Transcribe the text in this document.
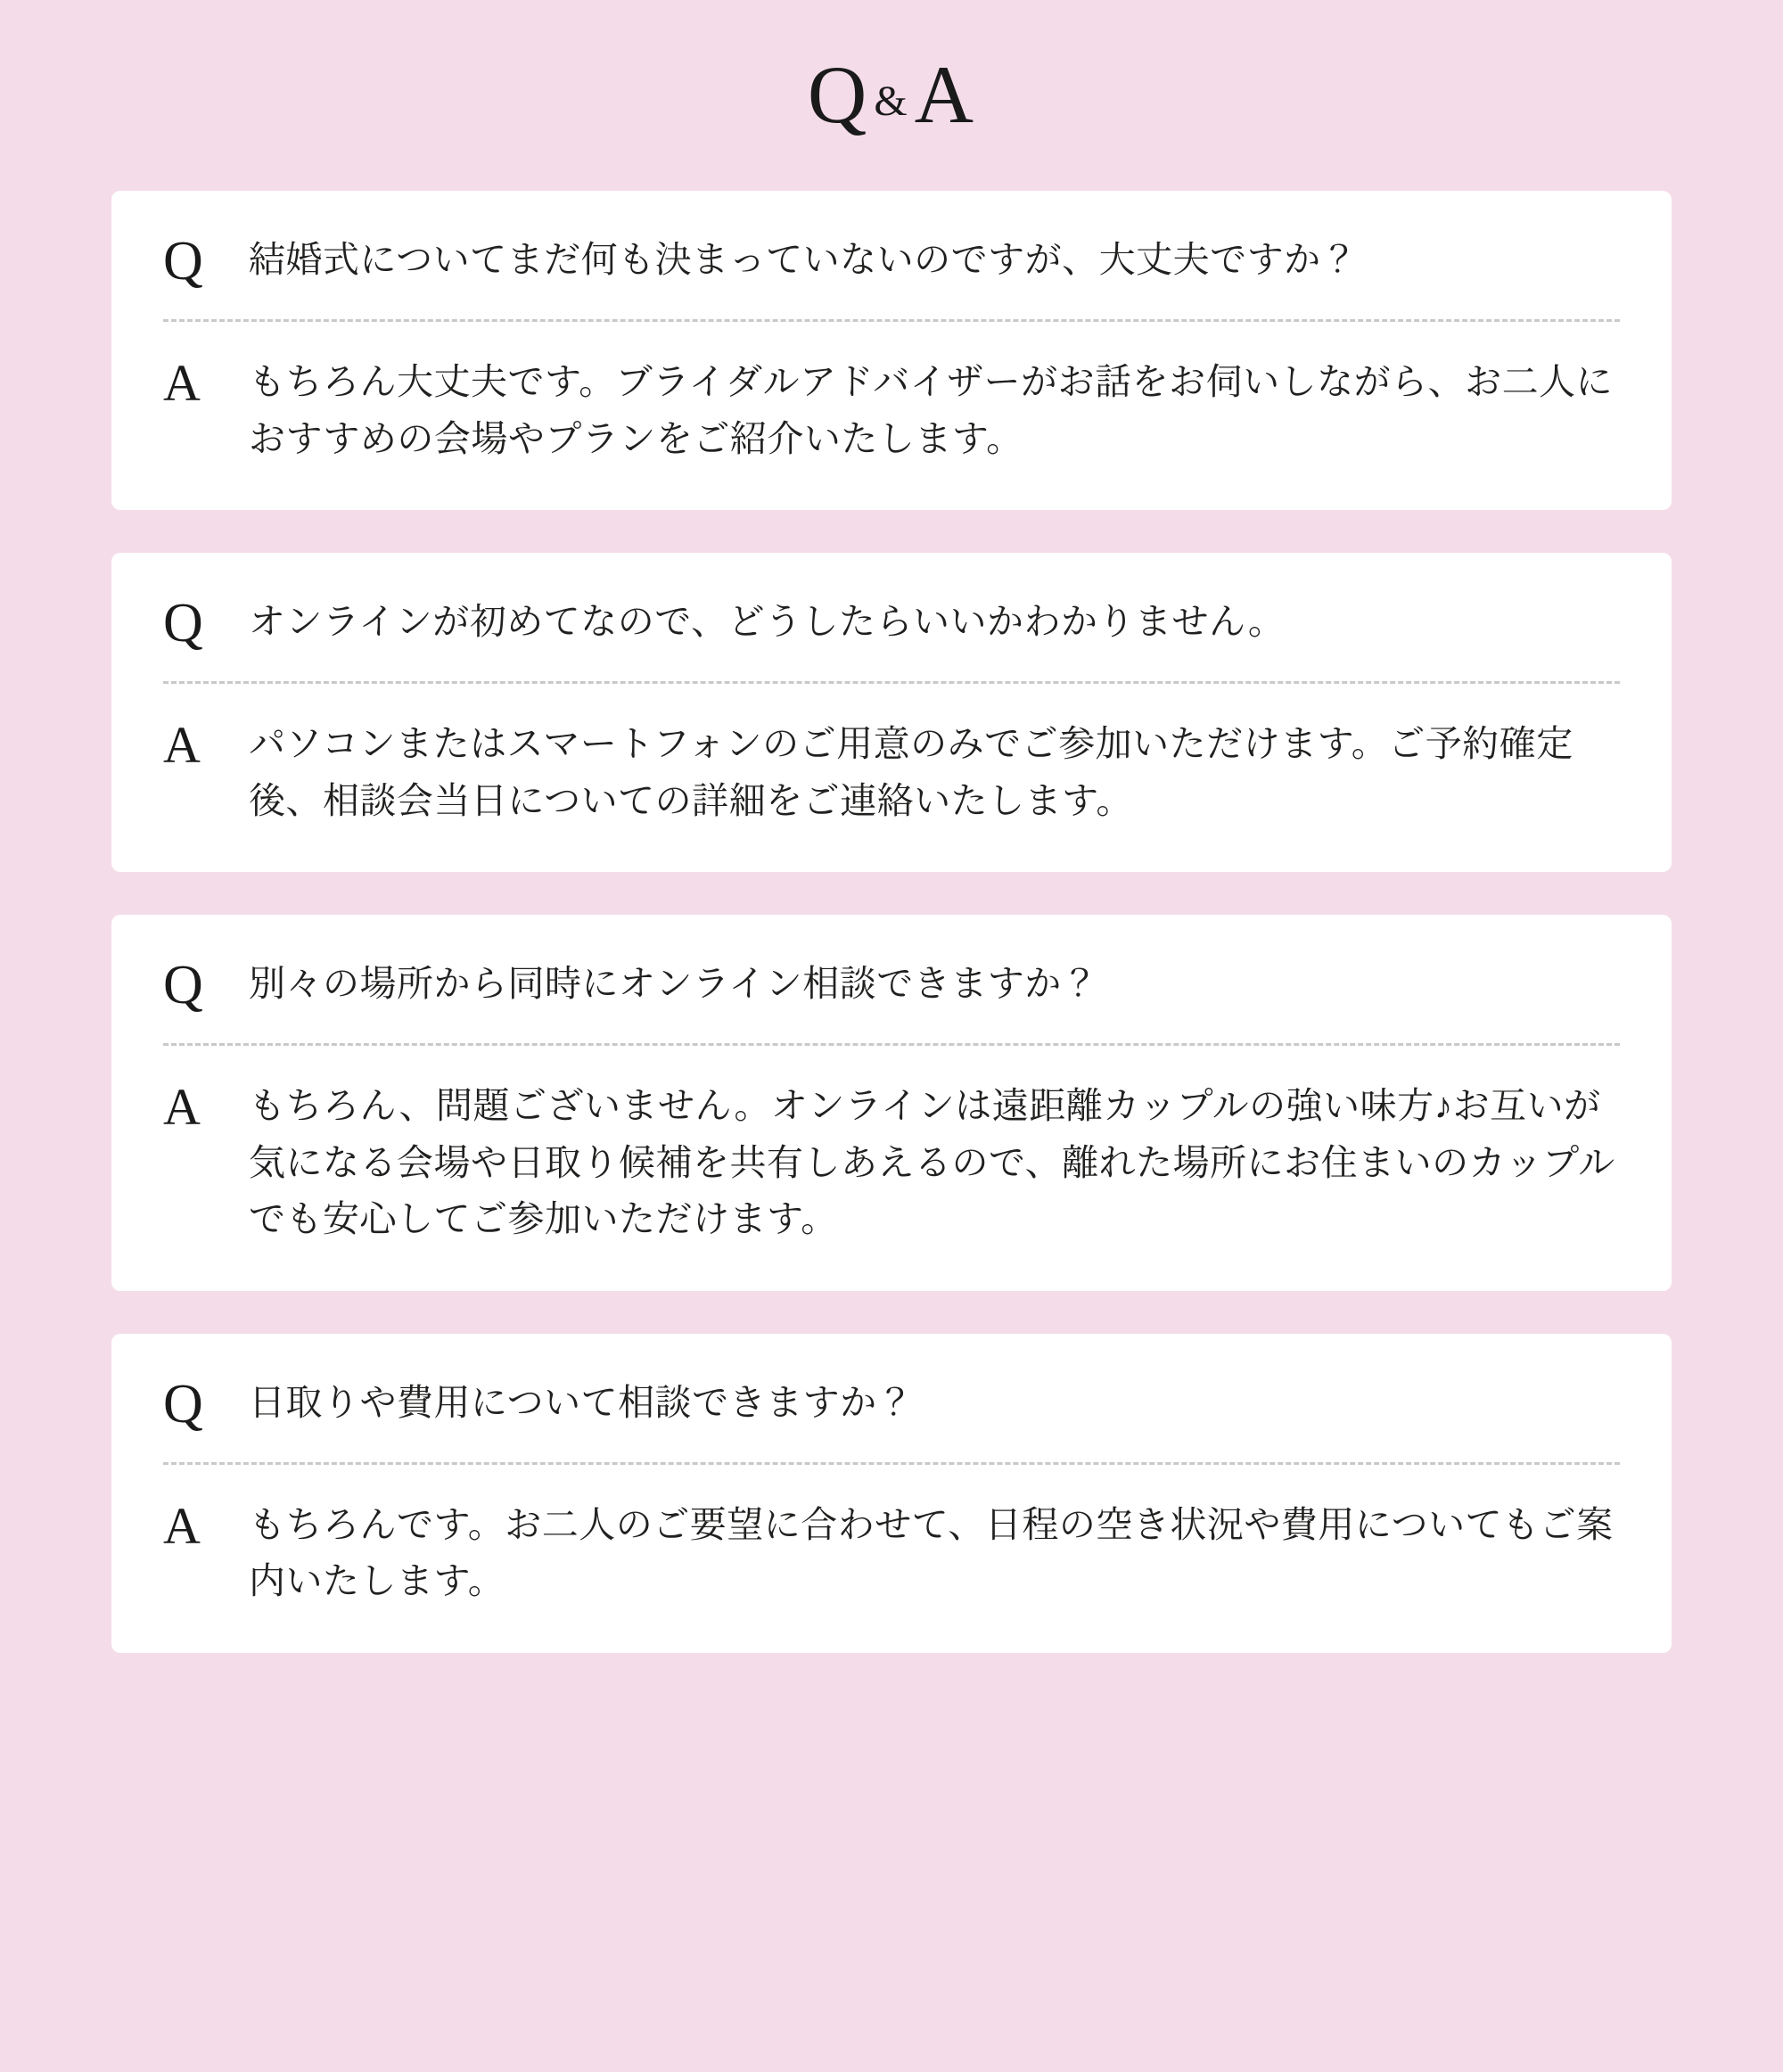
Q &A
Q	結婚式についてまだ何も決まっていないのですが、大丈夫ですか？
A	もちろん大丈夫です。ブライダルアドバイザーがお話をお伺いしながら、お二人におすすめの会場やプランをご紹介いたします。
Q	オンラインが初めてなので、どうしたらいいかわかりません。
A	パソコンまたはスマートフォンのご用意のみでご参加いただけます。ご予約確定後、相談会当日についての詳細をご連絡いたします。
Q	別々の場所から同時にオンライン相談できますか？
A	もちろん、問題ございません。オンラインは遠距離カップルの強い味方♪お互いが気になる会場や日取り候補を共有しあえるので、離れた場所にお住まいのカップルでも安心してご参加いただけます。
Q	日取りや費用について相談できますか？
A	もちろんです。お二人のご要望に合わせて、日程の空き状況や費用についてもご案内いたします。
